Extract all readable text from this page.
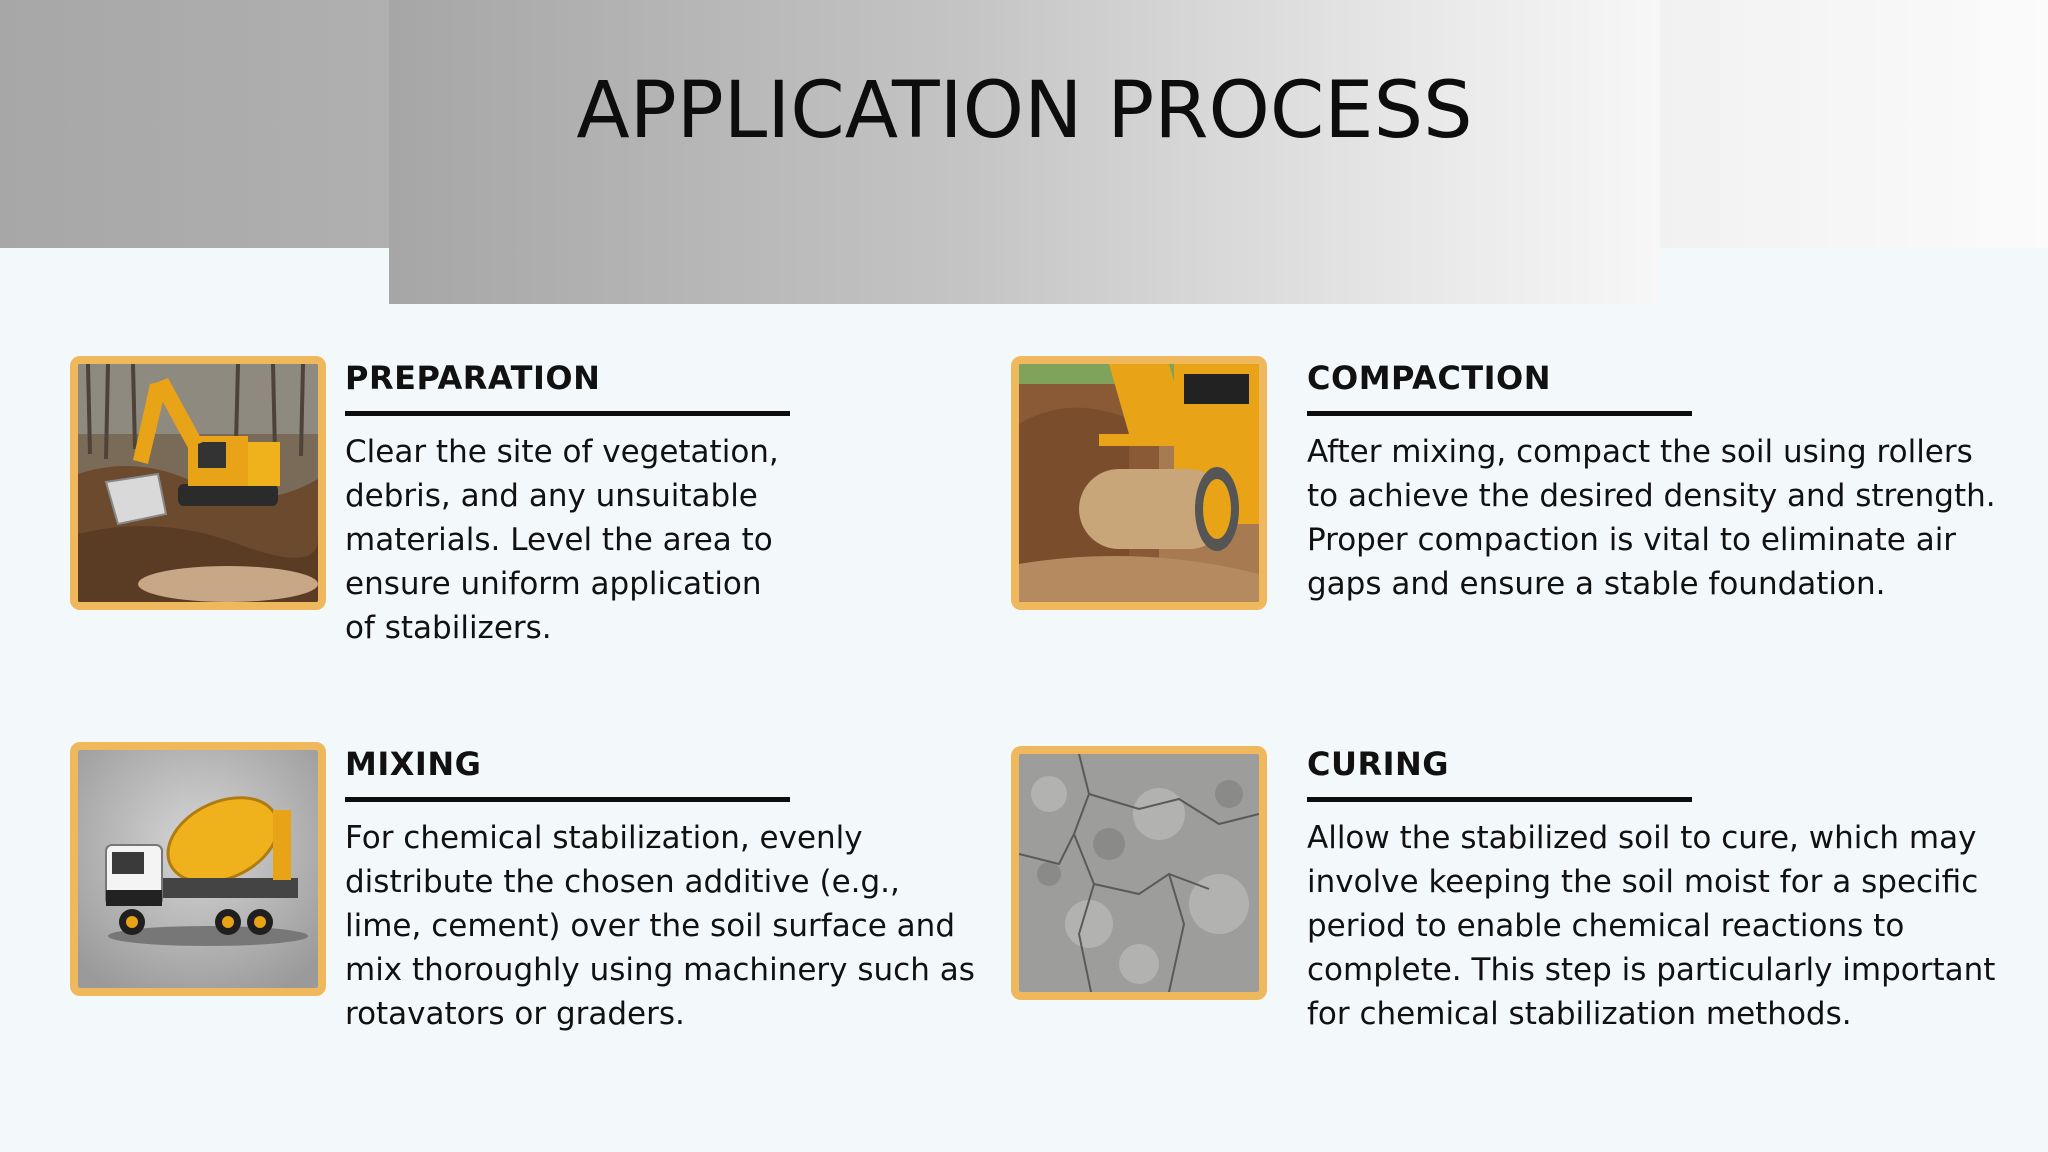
APPLICATION PROCESS
PREPARATION

Clear the site of vegetation, debris, and any unsuitable materials. Level the area to ensure uniform application of stabilizers.

COMPACTION

After mixing, compact the soil using rollers to achieve the desired density and strength. Proper compaction is vital to eliminate air gaps and ensure a stable foundation.

MIXING

For chemical stabilization, evenly distribute the chosen additive (e.g., lime, cement) over the soil surface and mix thoroughly using machinery such as rotavators or graders.

CURING

Allow the stabilized soil to cure, which may involve keeping the soil moist for a specific period to enable chemical reactions to complete. This step is particularly important for chemical stabilization methods.
